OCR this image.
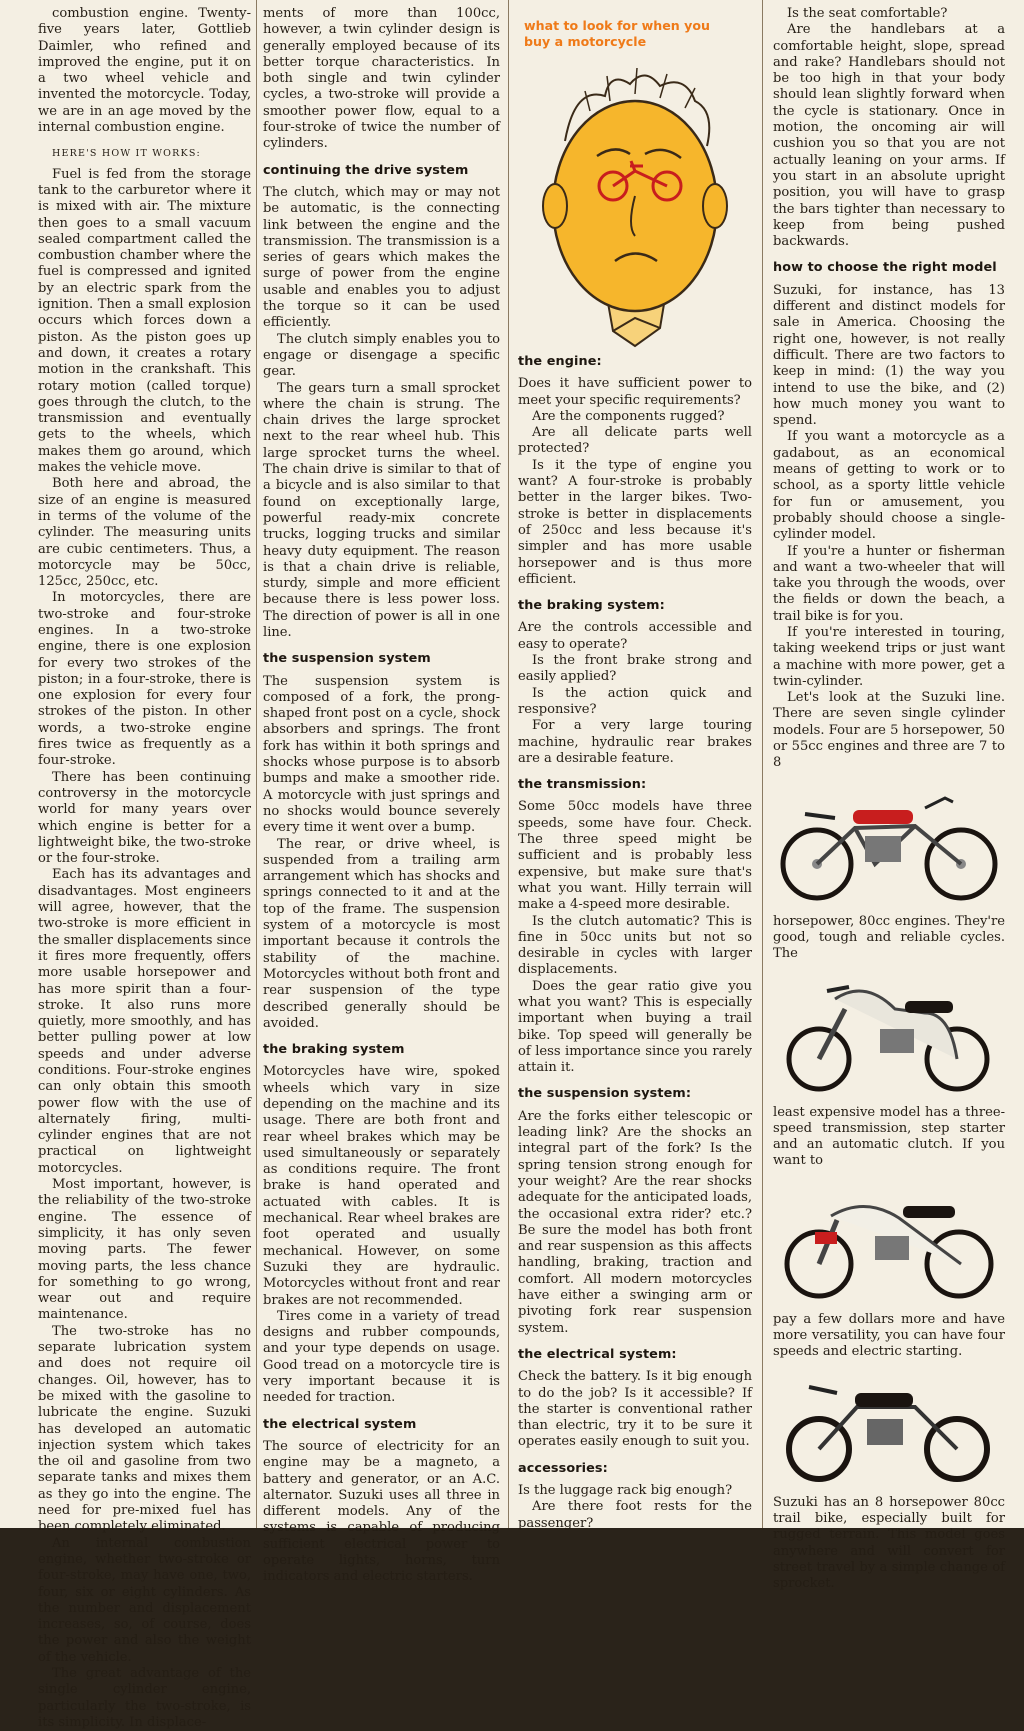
combustion engine. Twenty-five years later, Gottlieb Daimler, who refined and improved the engine, put it on a two wheel vehicle and invented the motorcycle. Today, we are in an age moved by the internal combustion engine.

HERE'S HOW IT WORKS:

Fuel is fed from the storage tank to the carburetor where it is mixed with air. The mixture then goes to a small vacuum sealed compartment called the combustion chamber where the fuel is compressed and ignited by an electric spark from the ignition. Then a small explosion occurs which forces down a piston. As the piston goes up and down, it creates a rotary motion in the crankshaft. This rotary motion (called torque) goes through the clutch, to the transmission and eventually gets to the wheels, which makes them go around, which makes the vehicle move.

Both here and abroad, the size of an engine is measured in terms of the volume of the cylinder. The measuring units are cubic centimeters. Thus, a motorcycle may be 50cc, 125cc, 250cc, etc.

In motorcycles, there are two-stroke and four-stroke engines. In a two-stroke engine, there is one explosion for every two strokes of the piston; in a four-stroke, there is one explosion for every four strokes of the piston. In other words, a two-stroke engine fires twice as frequently as a four-stroke.

There has been continuing controversy in the motorcycle world for many years over which engine is better for a lightweight bike, the two-stroke or the four-stroke.

Each has its advantages and disadvantages. Most engineers will agree, however, that the two-stroke is more efficient in the smaller displacements since it fires more frequently, offers more usable horsepower and has more spirit than a four-stroke. It also runs more quietly, more smoothly, and has better pulling power at low speeds and under adverse conditions. Four-stroke engines can only obtain this smooth power flow with the use of alternately firing, multi-cylinder engines that are not practical on lightweight motorcycles.

Most important, however, is the reliability of the two-stroke engine. The essence of simplicity, it has only seven moving parts. The fewer moving parts, the less chance for something to go wrong, wear out and require maintenance.

The two-stroke has no separate lubrication system and does not require oil changes. Oil, however, has to be mixed with the gasoline to lubricate the engine. Suzuki has developed an automatic injection system which takes the oil and gasoline from two separate tanks and mixes them as they go into the engine. The need for pre-mixed fuel has been completely eliminated.

An internal combustion engine, whether two-stroke or four-stroke, may have one, two, four, six or eight cylinders. As the number and displacement increases, so, of course, does the power and also the weight of the vehicle.

The great advantage of the single cylinder engine, particularly the two-stroke, is its simplicity. In displace-

ments of more than 100cc, however, a twin cylinder design is generally employed because of its better torque characteristics. In both single and twin cylinder cycles, a two-stroke will provide a smoother power flow, equal to a four-stroke of twice the number of cylinders.

continuing the drive system

The clutch, which may or may not be automatic, is the connecting link between the engine and the transmission. The transmission is a series of gears which makes the surge of power from the engine usable and enables you to adjust the torque so it can be used efficiently.

The clutch simply enables you to engage or disengage a specific gear.

The gears turn a small sprocket where the chain is strung. The chain drives the large sprocket next to the rear wheel hub. This large sprocket turns the wheel. The chain drive is similar to that of a bicycle and is also similar to that found on exceptionally large, powerful ready-mix concrete trucks, logging trucks and similar heavy duty equipment. The reason is that a chain drive is reliable, sturdy, simple and more efficient because there is less power loss. The direction of power is all in one line.

the suspension system

The suspension system is composed of a fork, the prong-shaped front post on a cycle, shock absorbers and springs. The front fork has within it both springs and shocks whose purpose is to absorb bumps and make a smoother ride. A motorcycle with just springs and no shocks would bounce severely every time it went over a bump.

The rear, or drive wheel, is suspended from a trailing arm arrangement which has shocks and springs connected to it and at the top of the frame. The suspension system of a motorcycle is most important because it controls the stability of the machine. Motorcycles without both front and rear suspension of the type described generally should be avoided.

the braking system

Motorcycles have wire, spoked wheels which vary in size depending on the machine and its usage. There are both front and rear wheel brakes which may be used simultaneously or separately as conditions require. The front brake is hand operated and actuated with cables. It is mechanical. Rear wheel brakes are foot operated and usually mechanical. However, on some Suzuki they are hydraulic. Motorcycles without front and rear brakes are not recommended.

Tires come in a variety of tread designs and rubber compounds, and your type depends on usage. Good tread on a motorcycle tire is very important because it is needed for traction.

the electrical system

The source of electricity for an engine may be a magneto, a battery and generator, or an A.C. alternator. Suzuki uses all three in different models. Any of the systems is capable of producing sufficient electrical power to operate lights, horns, turn indicators and electric starters.

what to look for when you buy a motorcycle
the engine:

Does it have sufficient power to meet your specific requirements?

Are the components rugged?

Are all delicate parts well protected?

Is it the type of engine you want? A four-stroke is probably better in the larger bikes. Two-stroke is better in displacements of 250cc and less because it's simpler and has more usable horsepower and is thus more efficient.

the braking system:

Are the controls accessible and easy to operate?

Is the front brake strong and easily applied?

Is the action quick and responsive?

For a very large touring machine, hydraulic rear brakes are a desirable feature.

the transmission:

Some 50cc models have three speeds, some have four. Check. The three speed might be sufficient and is probably less expensive, but make sure that's what you want. Hilly terrain will make a 4-speed more desirable.

Is the clutch automatic? This is fine in 50cc units but not so desirable in cycles with larger displacements.

Does the gear ratio give you what you want? This is especially important when buying a trail bike. Top speed will generally be of less importance since you rarely attain it.

the suspension system:

Are the forks either telescopic or leading link? Are the shocks an integral part of the fork? Is the spring tension strong enough for your weight? Are the rear shocks adequate for the anticipated loads, the occasional extra rider? etc.? Be sure the model has both front and rear suspension as this affects handling, braking, traction and comfort. All modern motorcycles have either a swinging arm or pivoting fork rear suspension system.

the electrical system:

Check the battery. Is it big enough to do the job? Is it accessible? If the starter is conventional rather than electric, try it to be sure it operates easily enough to suit you.

accessories:

Is the luggage rack big enough?

Are there foot rests for the passenger?

Is the seat comfortable?

Are the handlebars at a comfortable height, slope, spread and rake? Handlebars should not be too high in that your body should lean slightly forward when the cycle is stationary. Once in motion, the oncoming air will cushion you so that you are not actually leaning on your arms. If you start in an absolute upright position, you will have to grasp the bars tighter than necessary to keep from being pushed backwards.

how to choose the right model

Suzuki, for instance, has 13 different and distinct models for sale in America. Choosing the right one, however, is not really difficult. There are two factors to keep in mind: (1) the way you intend to use the bike, and (2) how much money you want to spend.

If you want a motorcycle as a gadabout, as an economical means of getting to work or to school, as a sporty little vehicle for fun or amusement, you probably should choose a single-cylinder model.

If you're a hunter or fisherman and want a two-wheeler that will take you through the woods, over the fields or down the beach, a trail bike is for you.

If you're interested in touring, taking weekend trips or just want a machine with more power, get a twin-cylinder.

Let's look at the Suzuki line. There are seven single cylinder models. Four are 5 horsepower, 50 or 55cc engines and three are 7 to 8

horsepower, 80cc engines. They're good, tough and reliable cycles. The

least expensive model has a three-speed transmission, step starter and an automatic clutch. If you want to

pay a few dollars more and have more versatility, you can have four speeds and electric starting.

Suzuki has an 8 horsepower 80cc trail bike, especially built for rugged terrain. This model goes anywhere and will convert for street travel by a simple change of sprocket.
